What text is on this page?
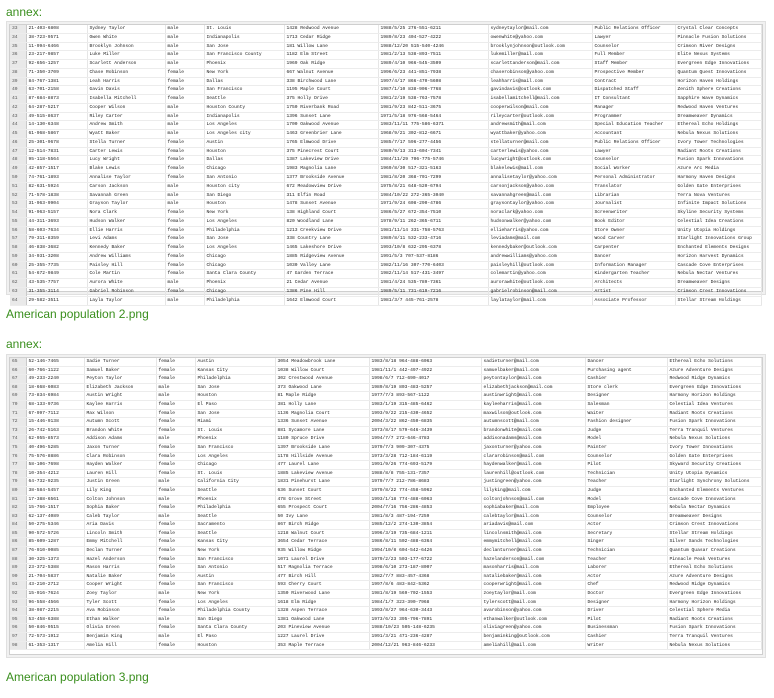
annex:
33	21-403-6808	Sydney Taylor	male	St. Louis	1428 Redwood Avenue	1988/5/25 276-551-6211	sydneytaylor@mail.com	Public Relations Officer	Crystal Clear Concepts
34	38-723-9571	Owen White	male	Indianapolis	1713 Cedar Ridge	1989/8/23 404-527-4222	owenwhite@yahoo.com	Lawyer	Pinnacle Fusion Solutions
35	11-994-6466	Brooklyn Johnson	male	San Jose	181 Willow Lane	1988/12/20 515-540-4246	brooklynjohnson@outlook.com	Counselor	Crimson River Designs
36	23-217-9857	Luke Miller	male	San Francisco County	1182 Elm Street	1981/2/13 538-893-7511	lukemiller@mail.com	Full Member	Elite Nexus Systems
37	92-656-1257	Scarlett Anderson	male	Phoenix	1969 Oak Ridge	1989/4/10 966-545-3509	scarlettanderson@mail.com	Staff Member	Evergreen Edge Innovations
38	71-350-3709	Chase Robinson	female	New York	667 Walnut Avenue	1996/6/23 441-851-7938	chaserobinson@yahoo.com	Prospective Member	Quantum Quest Innovations
39	84-767-1381	Leah Harris	female	Dallas	338 Birchwood Lane	1997/4/17 866-470-5608	leahharris@mail.com	Contract	Horizon Haven Holdings
40	63-701-2158	Gavin Davis	female	San Francisco	1195 Maple Court	1987/1/10 838-906-7768	gavindavis@outlook.com	Dispatched Staff	Zenith Sphere Creations
41	87-684-8873	Isabella Mitchell	female	Seattle	375 Holly Drive	1981/2/19 538-763-7578	isabellamitchell@mail.com	IT Consultant	Sapphire Wave Dynamics
42	64-287-5217	Cooper Wilson	male	Houston County	1750 Riverbank Road	1981/9/23 842-511-3675	cooperwilson@mail.com	Manager	Redwood Haven Ventures
43	49-515-8637	Riley Carter	male	Indianapolis	1396 Sunset Lane	1971/5/18 976-568-5464	rileycarter@outlook.com	Programmer	Dreamweaver Dynamics
44	14-130-6348	Andrew Smith	male	Los Angeles	1700 Oakwood Avenue	1983/11/11 775-586-6371	andrewsmith@mail.com	Special Education Teacher	Ethereal Echo Holdings
45	61-968-5867	Wyatt Baker	male	Los Angeles city	1463 Greenbrier Lane	1968/9/21 302-812-6671	wyattbaker@yahoo.com	Accountant	Nebula Nexus Solutions
46	25-301-9678	Stella Turner	female	Austin	1765 Elmwood Drive	1985/7/17 596-277-4456	stellaturner@mail.com	Public Relations Officer	Ivory Tower Technologies
47	12-514-7831	Carter Lewis	female	Houston	375 Pinecrest Court	1980/9/13 313-604-7341	carterlewis@yahoo.com	Lawyer	Radiant Roots Creations
48	95-118-5564	Lucy Wright	female	Dallas	1387 Lakeview Drive	1984/11/29 706-775-5746	lucywright@outlook.com	Counselor	Fusion Spark Innovations
49	42-857-1517	Blake Lewis	female	Chicago	1983 Magnolia Lane	1969/8/30 517-321-5163	blakelewis@mail.com	Social Worker	Azure Arc Media
50	74-761-1893	Annalise Taylor	female	San Antonio	1377 Brookside Avenue	1981/8/20 368-701-7299	annalisetaylor@yahoo.com	Personal Administrator	Harmony Haven Designs
51	82-631-5924	Carson Jackson	male	Houston city	672 Meadowview Drive	1975/8/21 648-520-6794	carsonjackson@yahoo.com	Translator	Golden Gate Enterprises
52	71-578-1838	Savannah Green	male	San Diego	311 Elfin Road	1984/10/22 272-365-3040	savannahgreen@mail.com	Librarian	Terra Nova Ventures
53	31-963-9904	Grayson Taylor	male	Houston	1478 Sunset Avenue	1971/9/24 608-290-4786	graysontaylor@yahoo.com	Journalist	Infinite Impact Solutions
54	91-963-5157	Nora Clark	female	New York	138 Highland Court	1986/5/27 672-354-7510	noraclark@yahoo.com	Screenwriter	Skyline Security Systems
55	44-311-3693	Hudson Walker	female	Los Angeles	820 Woodland Lane	1978/9/11 262-365-6711	hudsonwalker@yahoo.com	Book Editor	Celestial Idea Creations
56	58-603-7634	Ellie Harris	female	Philadelphia	1213 Creekview Drive	1981/11/14 331-758-5763	ellieharris@yahoo.com	Store Owner	Unity Utopia Holdings
57	79-311-8359	Levi Adams	female	San Jose	338 Country Lane	1989/8/11 532-233-4716	leviadams@mail.com	Wood Carver	Starlight Innovations Group
58	46-838-3682	Kennedy Baker	female	Los Angeles	1465 Lakeshore Drive	1993/10/8 632-295-6378	kennedybaker@outlook.com	Carpenter	Enchanted Elements Designs
59	34-931-3208	Andrew Williams	female	Chicago	1885 Ridgeview Avenue	1991/5/3 707-537-8186	andrewwilliams@yahoo.com	Dancer	Horizon Harvest Dynamics
60	25-355-7735	Paisley Hill	female	Chicago	1030 Valley Lane	1982/11/16 307-770-6403	paisleyhill@outlook.com	Information Manager	Cascade Cove Enterprises
61	54-672-9849	Cole Martin	female	Santa Clara County	47 Garden Terrace	1982/11/14 517-431-3497	colemartin@yahoo.com	Kindergarten Teacher	Nebula Nectar Ventures
62	43-535-7757	Aurora White	male	Phoenix	21 Cedar Avenue	1981/4/24 535-789-7361	aurorawhite@outlook.com	Architects	Dreamweaver Designs
63	31-355-3114	Gabriel Robinson	female	Chicago	1386 Pine Hill	1989/5/11 731-619-7216	gabrielrobinson@mail.com	Artist	Crimson Crest Innovations
64	29-582-3511	Layla Taylor	male	Philadelphia	1642 Elmwood Court	1981/3/7 445-761-2578	laylataylor@mail.com	Associate Professor	Stellar Stream Holdings
American population 2.png
annex:
65	52-146-7465	Sadie Turner	female	Austin	3054 Meadowbrook Lane	1983/8/18 964-488-6063	sadieturner@mail.com	Dancer	Ethereal Echo Solutions
66	60-766-1122	Samuel Baker	female	Kansas City	1038 Willow Court	1981/11/1 442-497-4922	samuelbaker@mail.com	Purchasing agent	Azure Adventure Designs
67	49-233-2240	Peyton Taylor	female	Philadelphia	302 Crestwood Avenue	1998/6/7 712-690-4017	peytontaylor@mail.com	Cashier	Redwood Ridge Dynamics
68	18-668-6083	Elizabeth Jackson	male	San Jose	373 Oakwood Lane	1989/8/19 803-483-5257	elizabethjackson@mail.com	Store clerk	Evergreen Edge Innovations
69	73-834-6984	Austin Wright	male	Houston	81 Maple Ridge	1977/7/3 893-567-1122	austinwright@mail.com	Designer	Harmony Horizon Holdings
70	68-133-9736	Kaylee Harris	female	El Paso	381 Holly Lane	1983/1/19 315-485-6462	kayleeharris@mail.com	Salesman	Celestial Idea Ventures
71	67-997-7112	Max Wilson	female	San Jose	1136 Magnolia Court	1993/9/22 215-430-4652	maxwilson@outlook.com	Waiter	Radiant Roots Creations
72	15-446-9138	Autumn Scott	female	Miami	1336 Sunset Avenue	2004/3/22 862-450-6835	autumnscott@mail.com	Fashion designer	Fusion Spark Innovations
73	26-742-5163	Brandon White	female	St. Louis	881 Sycamore Lane	1973/8/17 579-646-3439	brandonwhite@mail.com	Judge	Terra Tranquil Ventures
74	62-955-8573	Addison Adams	male	Phoenix	1180 Spruce Drive	1994/7/7 272-646-4783	addisonadams@mail.com	Model	Nebula Nexus Solutions
75	40-496-5285	Jaxon Turner	female	San Francisco	1397 Brookside Lane	1979/7/3 909-307-4375	jaxonturner@yahoo.com	Painter	Ivory Tower Innovations
76	75-576-8886	Clara Robinson	female	Los Angeles	1178 Hillside Avenue	1973/3/28 712-184-6119	clararobinson@mail.com	Counselor	Golden Gate Enterprises
77	58-106-7698	Hayden Walker	female	Chicago	477 Laurel Lane	1991/9/26 774-693-5179	haydenwalker@mail.com	Pilot	Skyward Security Creations
78	10-354-4212	Lauren Hill	female	St. Louis	1885 Lakeview Avenue	1988/8/8 755-131-7357	laurenhill@outlook.com	Technician	Unity Utopia Dynamics
79	64-732-9235	Justin Green	male	California City	1831 Pinehurst Lane	1979/7/7 212-786-8683	justingreen@yahoo.com	Teacher	Starlight Synchrony Solutions
80	38-584-5457	Lily King	female	Seattle	636 Sunset Court	1979/8/22 774-458-5962	lilyking@mail.com	Judge	Enchanted Elements Ventures
81	17-388-6561	Colton Johnson	male	Phoenix	478 Grove Street	1993/1/18 774-488-6063	coltonjohnson@mail.com	Model	Cascade Cove Innovations
82	15-766-1517	Sophia Baker	female	Philadelphia	655 Prospect Court	2004/7/16 756-286-4853	sophiabaker@mail.com	Employee	Nebula Nectar Dynamics
83	62-137-4089	Caleb Taylor	male	Seattle	50 Ivy Lane	1981/8/3 487-194-7259	calebtaylor@mail.com	Counselor	Dreamweaver Designs
84	50-275-5346	Aria Davis	female	Sacramento	867 Birch Ridge	1985/12/2 274-130-3854	ariadavis@mail.com	Actor	Crimson Crest Innovations
85	90-572-5726	Lincoln Smith	female	Seattle	1218 Walnut Court	1996/3/19 735-684-1211	lincolnsmith@mail.com	Secretary	Stellar Stream Holdings
86	85-609-1287	Emmy Mitchell	female	Kansas City	3654 Cedar Terrace	1986/8/11 502-488-6364	emmymitchell@mail.com	Singer	Silver Sands Technologies
87	76-910-9085	Declan Turner	female	New York	935 Willow Ridge	1994/10/8 604-542-6426	declanturner@mail.com	Technician	Quantum Quasar Creations
88	30-325-1373	Hazel Anderson	female	San Francisco	1071 Laurel Drive	1979/2/23 503-177-6722	hazelanderson@mail.com	Teacher	Pinnacle Peak Ventures
89	23-372-5388	Mason Harris	female	San Antonio	517 Magnolia Terrace	1998/6/10 273-187-8007	masonharris@mail.com	Laborer	Ethereal Echo Solutions
90	21-704-5837	Natalie Baker	female	Austin	477 Birch Hill	1982/7/7 883-457-4368	nataliebaker@mail.com	Actor	Azure Adventure Designs
91	43-210-2712	Cooper Wright	female	San Francisco	593 Cherry Court	1997/8/6 483-842-5362	cooperwright@mail.com	Chef	Redwood Ridge Dynamics
92	15-916-7624	Zoey Taylor	male	New York	1350 Riverwood Lane	1981/8/19 569-702-1553	zoeytaylor@mail.com	Doctor	Evergreen Edge Innovations
93	96-558-4566	Tyler Scott	female	Los Angeles	1618 Elm Ridge	1984/1/7 323-390-7968	tylerscott@mail.com	Designer	Harmony Horizon Holdings
94	38-987-2215	Ava Robinson	female	Philadelphia County	1328 Aspen Terrace	1993/8/27 964-630-3443	avarobinson@yahoo.com	Driver	Celestial Sphere Media
95	53-458-6388	Ethan Walker	male	San Diego	1381 Oakwood Lane	1973/6/23 395-796-7891	ethanwalker@outlook.com	Pilot	Radiant Roots Creations
96	50-846-9515	Olivia Green	female	Santa Clara County	203 Pineview Avenue	1988/10/23 505-148-6235	oliviagreen@yahoo.com	Businessman	Fusion Spark Innovations
97	72-573-1912	Benjamin King	male	El Paso	1227 Laurel Drive	1991/3/21 471-236-4287	benjaminking@outlook.com	Cashier	Terra Tranquil Ventures
98	61-353-1317	Amelia Hill	female	Houston	353 Maple Terrace	2004/12/21 963-846-6233	ameliahill@mail.com	Writer	Nebula Nexus Solutions
American population 3.png
